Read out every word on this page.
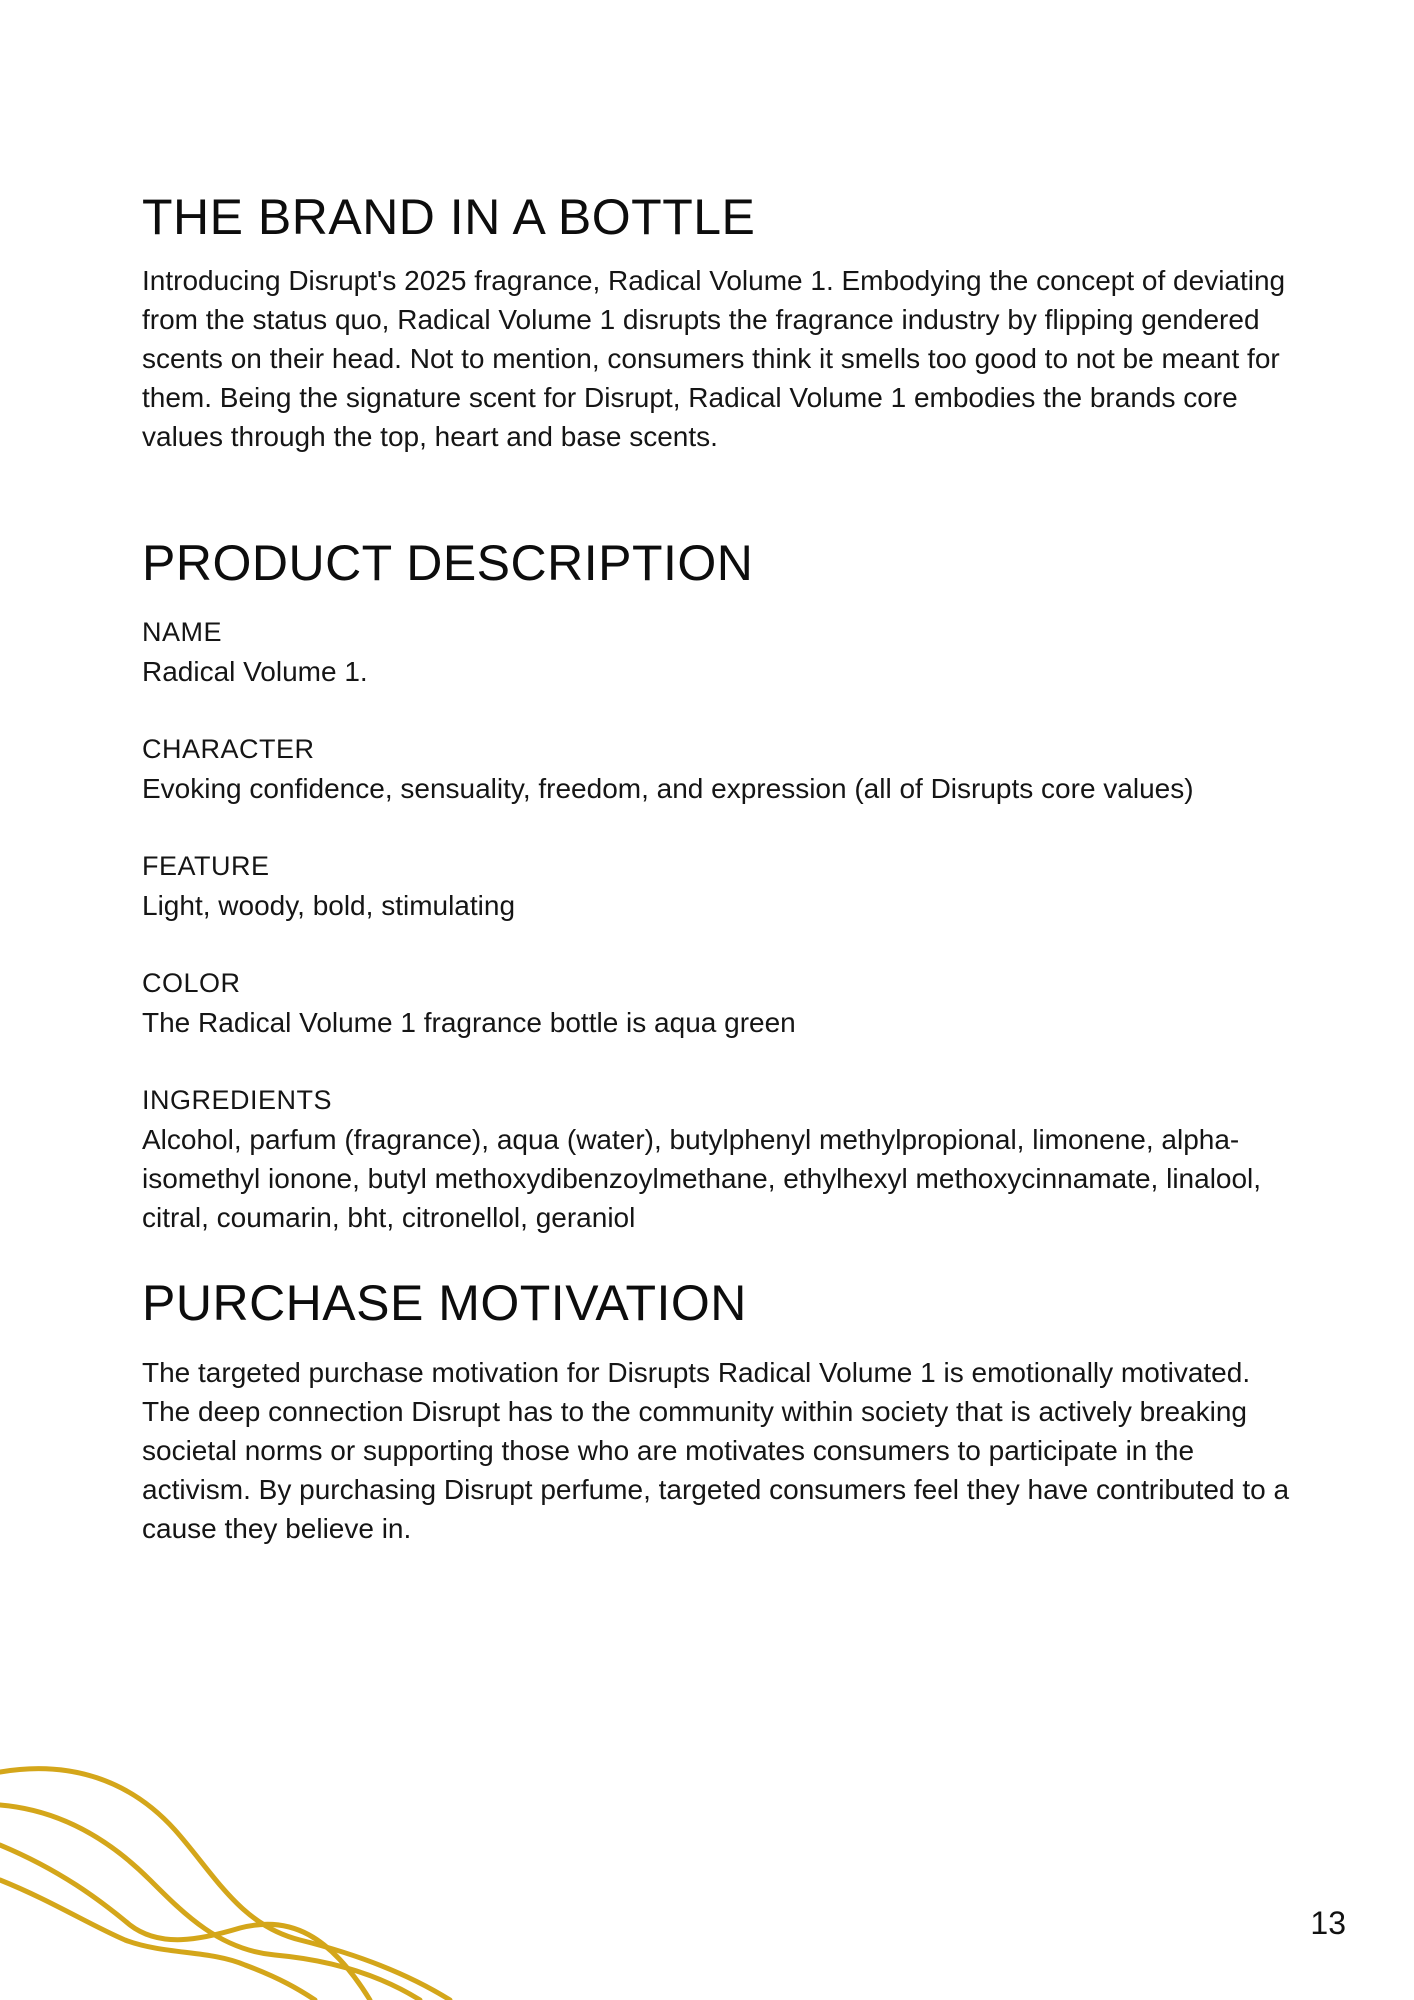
THE BRAND IN A BOTTLE

Introducing Disrupt's 2025 fragrance, Radical Volume 1. Embodying the concept of deviating from the status quo, Radical Volume 1 disrupts the fragrance industry by flipping gendered scents on their head. Not to mention, consumers think it smells too good to not be meant for them. Being the signature scent for Disrupt, Radical Volume 1 embodies the brands core values through the top, heart and base scents.

PRODUCT DESCRIPTION
NAME
Radical Volume 1.
CHARACTER
Evoking confidence, sensuality, freedom, and expression (all of Disrupts core values)
FEATURE
Light, woody, bold, stimulating
COLOR
The Radical Volume 1 fragrance bottle is aqua green
INGREDIENTS
Alcohol, parfum (fragrance), aqua (water), butylphenyl methylpropional, limonene, alpha-isomethyl ionone, butyl methoxydibenzoylmethane, ethylhexyl methoxycinnamate, linalool, citral, coumarin, bht, citronellol, geraniol
PURCHASE MOTIVATION

The targeted purchase motivation for Disrupts Radical Volume 1 is emotionally motivated. The deep connection Disrupt has to the community within society that is actively breaking societal norms or supporting those who are motivates consumers to participate in the activism. By purchasing Disrupt perfume, targeted consumers feel they have contributed to a cause they believe in.

13
